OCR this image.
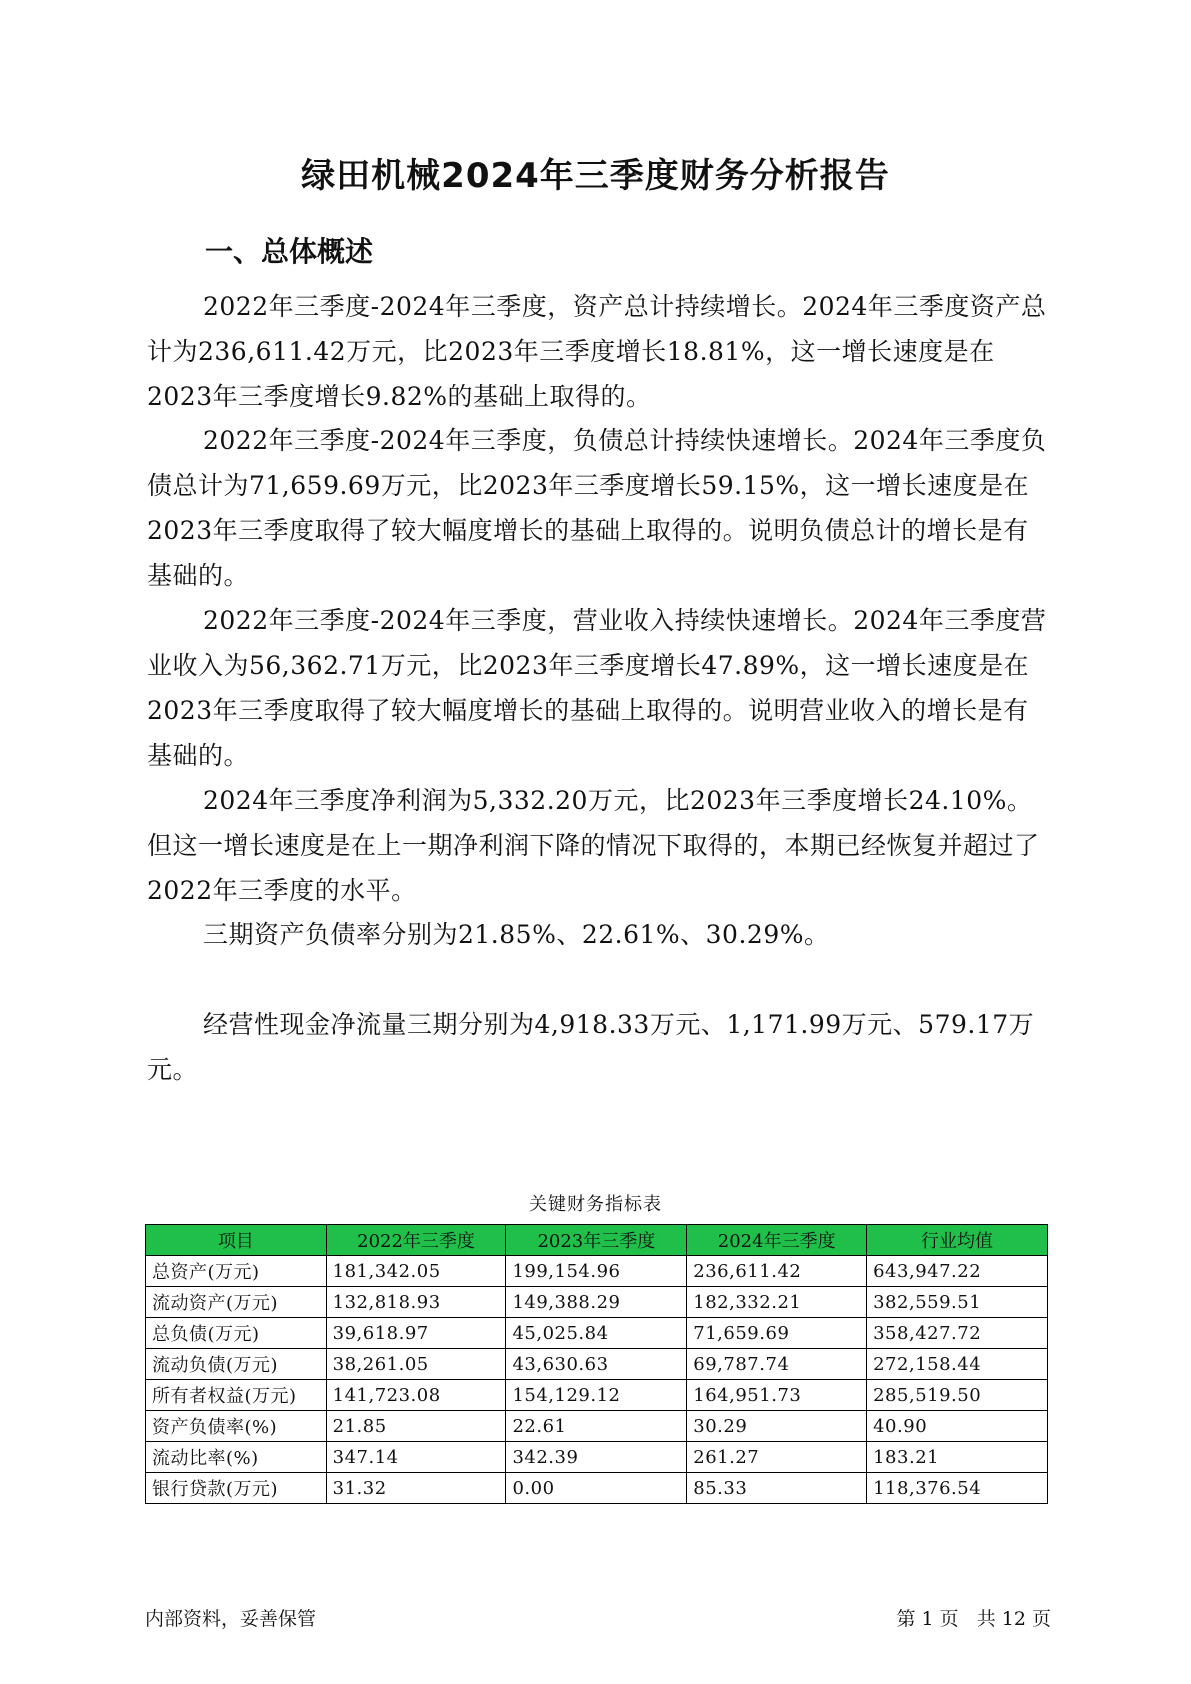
绿田机械2024年三季度财务分析报告
一、总体概述

2022年三季度-2024年三季度，资产总计持续增长。2024年三季度资产总计为236,611.42万元，比2023年三季度增长18.81%，这一增长速度是在2023年三季度增长9.82%的基础上取得的。

2022年三季度-2024年三季度，负债总计持续快速增长。2024年三季度负债总计为71,659.69万元，比2023年三季度增长59.15%，这一增长速度是在2023年三季度取得了较大幅度增长的基础上取得的。说明负债总计的增长是有基础的。

2022年三季度-2024年三季度，营业收入持续快速增长。2024年三季度营业收入为56,362.71万元，比2023年三季度增长47.89%，这一增长速度是在2023年三季度取得了较大幅度增长的基础上取得的。说明营业收入的增长是有基础的。

2024年三季度净利润为5,332.20万元，比2023年三季度增长24.10%。但这一增长速度是在上一期净利润下降的情况下取得的，本期已经恢复并超过了2022年三季度的水平。

三期资产负债率分别为21.85%、22.61%、30.29%。

经营性现金净流量三期分别为4,918.33万元、1,171.99万元、579.17万元。

关键财务指标表
项目	2022年三季度	2023年三季度	2024年三季度	行业均值
总资产(万元)	181,342.05	199,154.96	236,611.42	643,947.22
流动资产(万元)	132,818.93	149,388.29	182,332.21	382,559.51
总负债(万元)	39,618.97	45,025.84	71,659.69	358,427.72
流动负债(万元)	38,261.05	43,630.63	69,787.74	272,158.44
所有者权益(万元)	141,723.08	154,129.12	164,951.73	285,519.50
资产负债率(%)	21.85	22.61	30.29	40.90
流动比率(%)	347.14	342.39	261.27	183.21
银行贷款(万元)	31.32	0.00	85.33	118,376.54
内部资料，妥善保管	第 1 页   共 12 页
